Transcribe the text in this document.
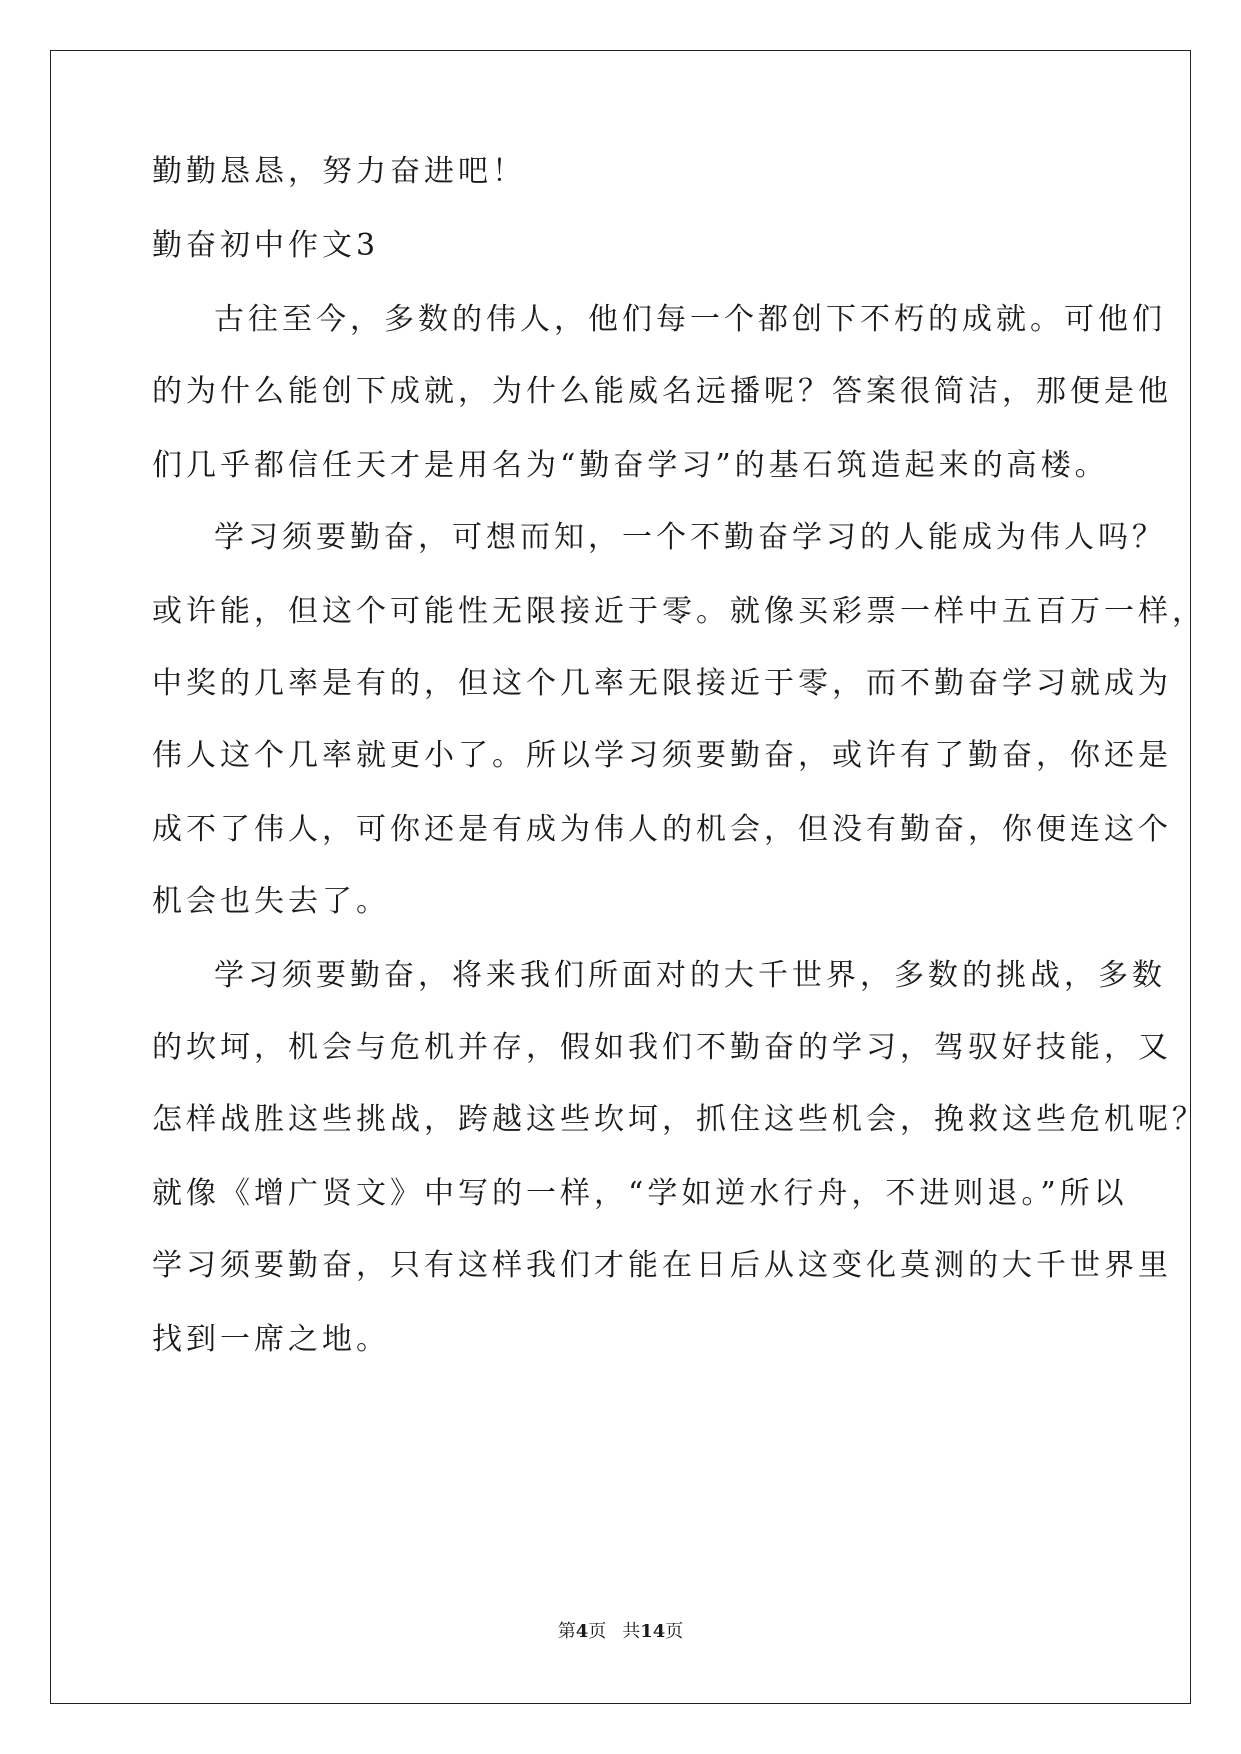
勤勤恳恳，努力奋进吧！
勤奋初中作文3
古往至今，多数的伟人，他们每一个都创下不朽的成就。可他们
的为什么能创下成就，为什么能威名远播呢？答案很简洁，那便是他
们几乎都信任天才是用名为“勤奋学习”的基石筑造起来的高楼。
学习须要勤奋，可想而知，一个不勤奋学习的人能成为伟人吗？
或许能，但这个可能性无限接近于零。就像买彩票一样中五百万一样，
中奖的几率是有的，但这个几率无限接近于零，而不勤奋学习就成为
伟人这个几率就更小了。所以学习须要勤奋，或许有了勤奋，你还是
成不了伟人，可你还是有成为伟人的机会，但没有勤奋，你便连这个
机会也失去了。
学习须要勤奋，将来我们所面对的大千世界，多数的挑战，多数
的坎坷，机会与危机并存，假如我们不勤奋的学习，驾驭好技能，又
怎样战胜这些挑战，跨越这些坎坷，抓住这些机会，挽救这些危机呢？
就像《增广贤文》中写的一样，“学如逆水行舟，不进则退。”所以
学习须要勤奋，只有这样我们才能在日后从这变化莫测的大千世界里
找到一席之地。
第4页 共14页
